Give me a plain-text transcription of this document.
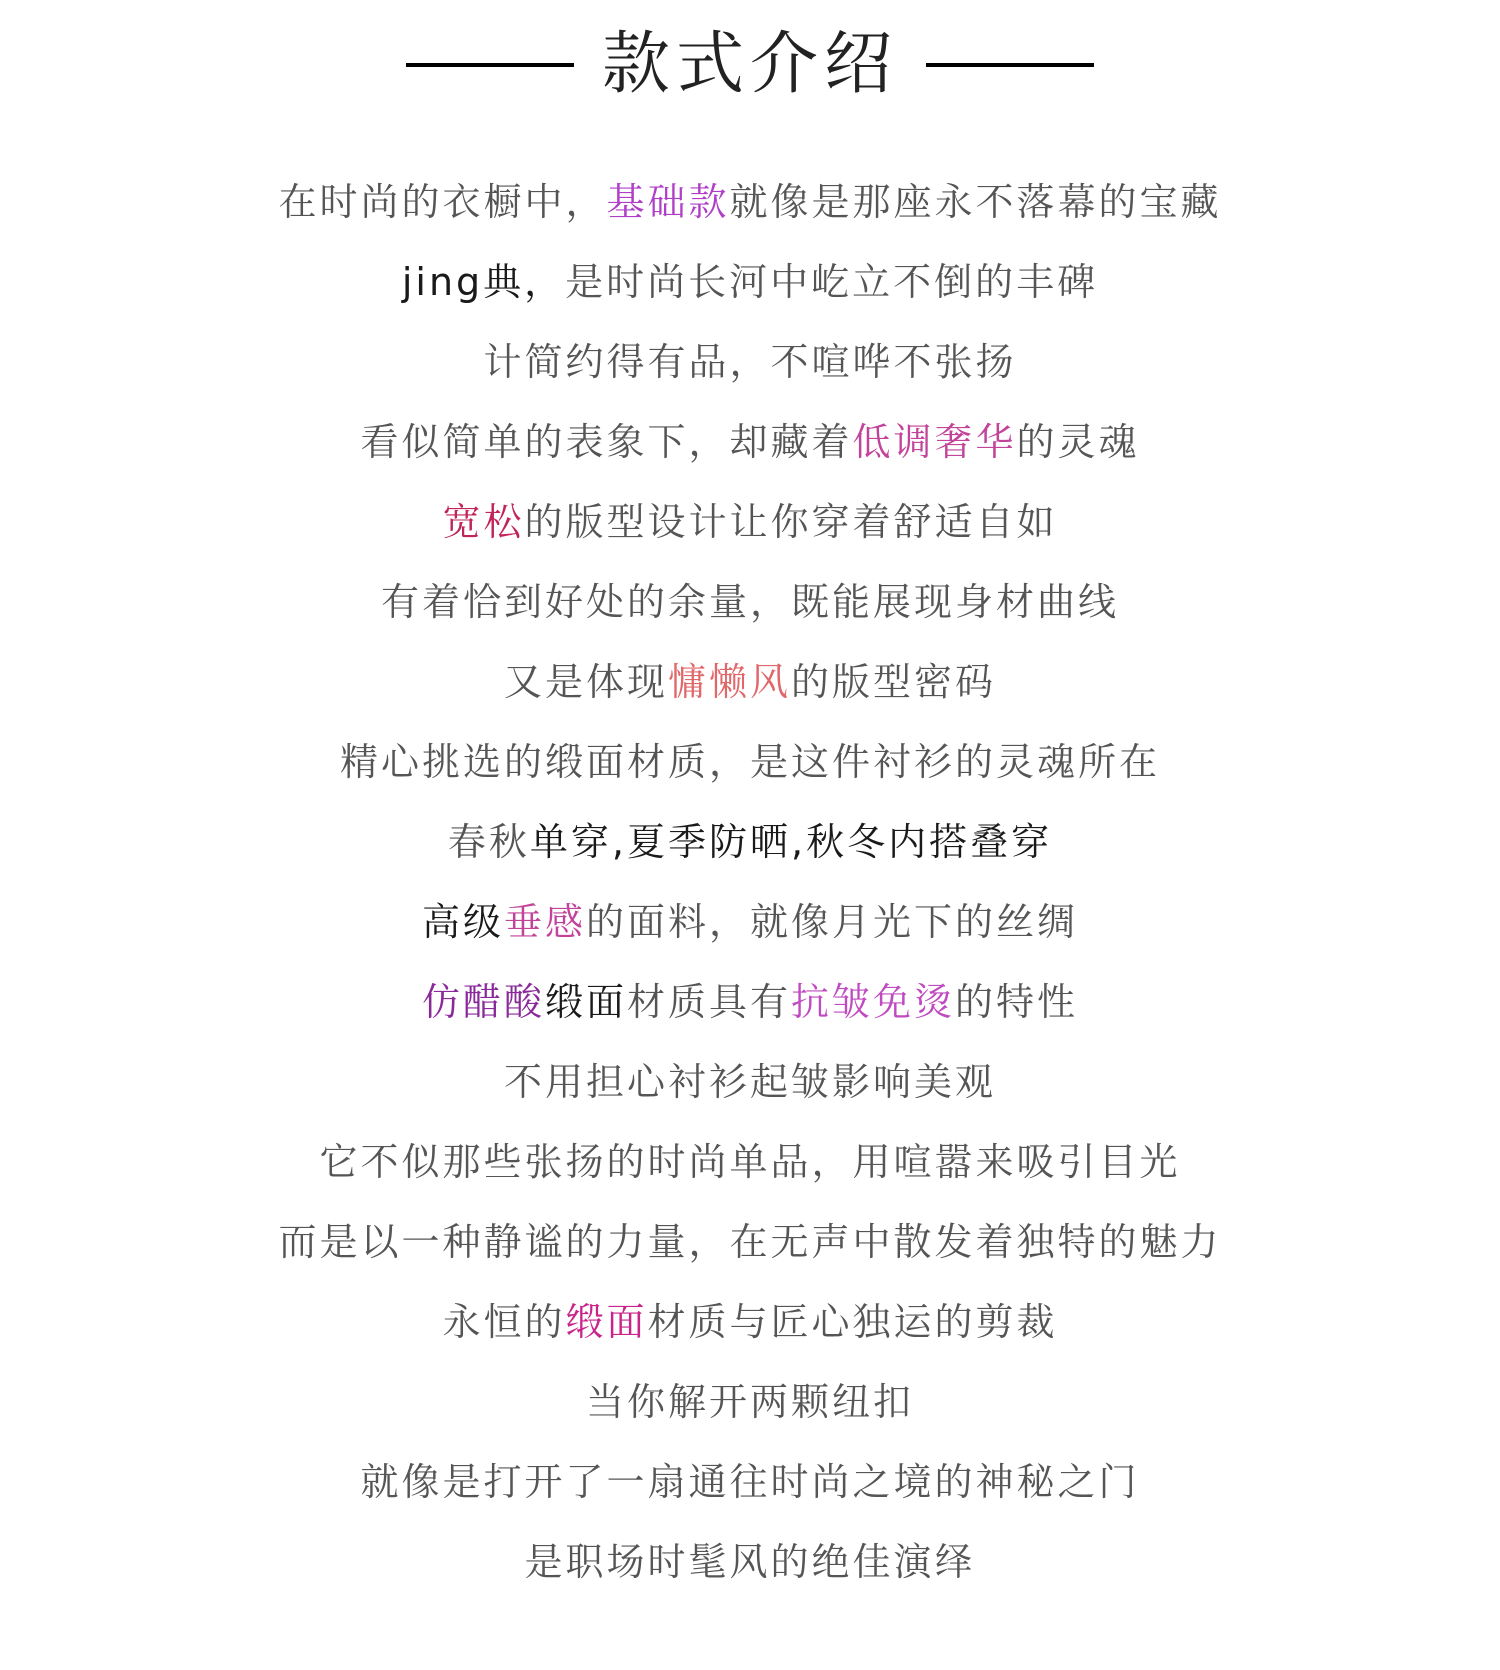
款式介绍
在时尚的衣橱中，基础款就像是那座永不落幕的宝藏
jing典，是时尚长河中屹立不倒的丰碑
计简约得有品，不喧哗不张扬
看似简单的表象下，却藏着低调奢华的灵魂
宽松的版型设计让你穿着舒适自如
有着恰到好处的余量，既能展现身材曲线
又是体现慵懒风的版型密码
精心挑选的缎面材质，是这件衬衫的灵魂所在
春秋单穿,夏季防晒,秋冬内搭叠穿
高级垂感的面料，就像月光下的丝绸
仿醋酸缎面材质具有抗皱免烫的特性
不用担心衬衫起皱影响美观
它不似那些张扬的时尚单品，用喧嚣来吸引目光
而是以一种静谧的力量，在无声中散发着独特的魅力
永恒的缎面材质与匠心独运的剪裁
当你解开两颗纽扣
就像是打开了一扇通往时尚之境的神秘之门
是职场时髦风的绝佳演绎
